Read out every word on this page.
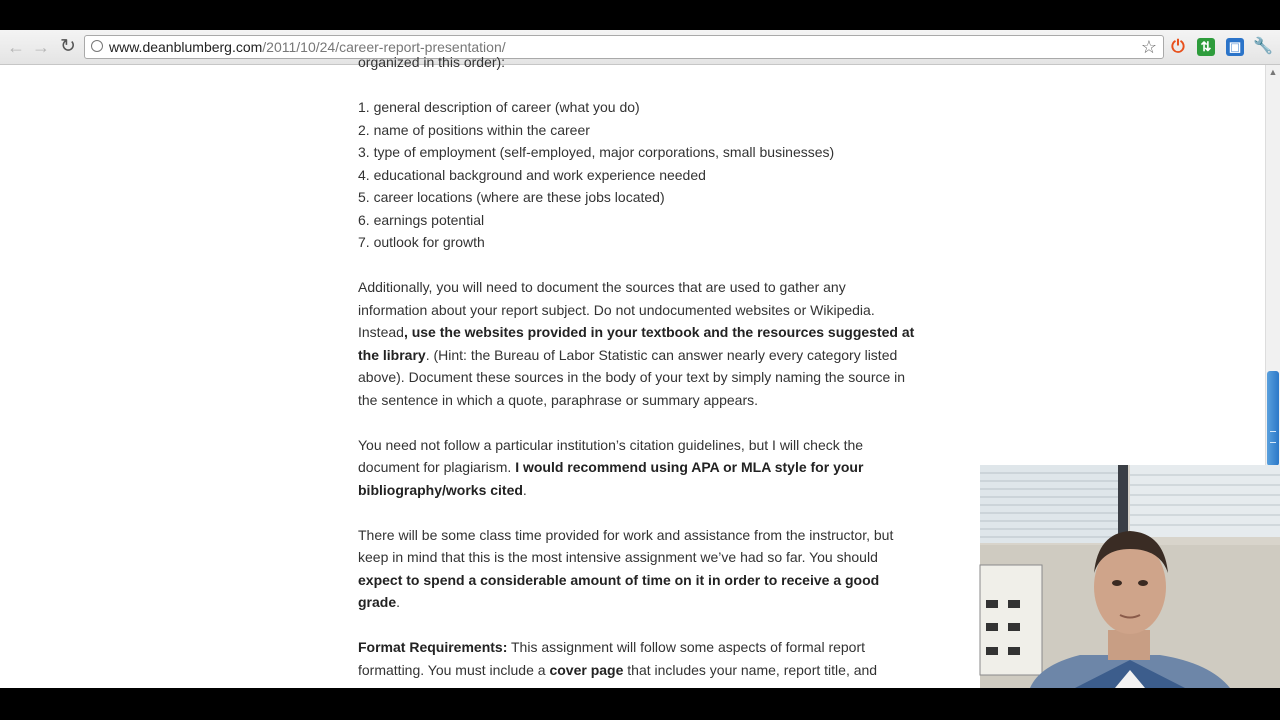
← → ↻ www.deanblumberg.com/2011/10/24/career-report-presentation/	☆ ⏻ ⇅ ▣ 🔧

organized in this order):

1. general description of career (what you do)
2. name of positions within the career
3. type of employment (self-employed, major corporations, small businesses)
4. educational background and work experience needed
5. career locations (where are these jobs located)
6. earnings potential
7. outlook for growth

Additionally, you will need to document the sources that are used to gather any information about your report subject. Do not undocumented websites or Wikipedia. Instead, use the websites provided in your textbook and the resources suggested at the library. (Hint: the Bureau of Labor Statistic can answer nearly every category listed above). Document these sources in the body of your text by simply naming the source in the sentence in which a quote, paraphrase or summary appears.

You need not follow a particular institution’s citation guidelines, but I will check the document for plagiarism. I would recommend using APA or MLA style for your bibliography/works cited.

There will be some class time provided for work and assistance from the instructor, but keep in mind that this is the most intensive assignment we’ve had so far. You should expect to spend a considerable amount of time on it in order to receive a good grade.

Format Requirements: This assignment will follow some aspects of formal report formatting. You must include a cover page that includes your name, report title, and

▲
